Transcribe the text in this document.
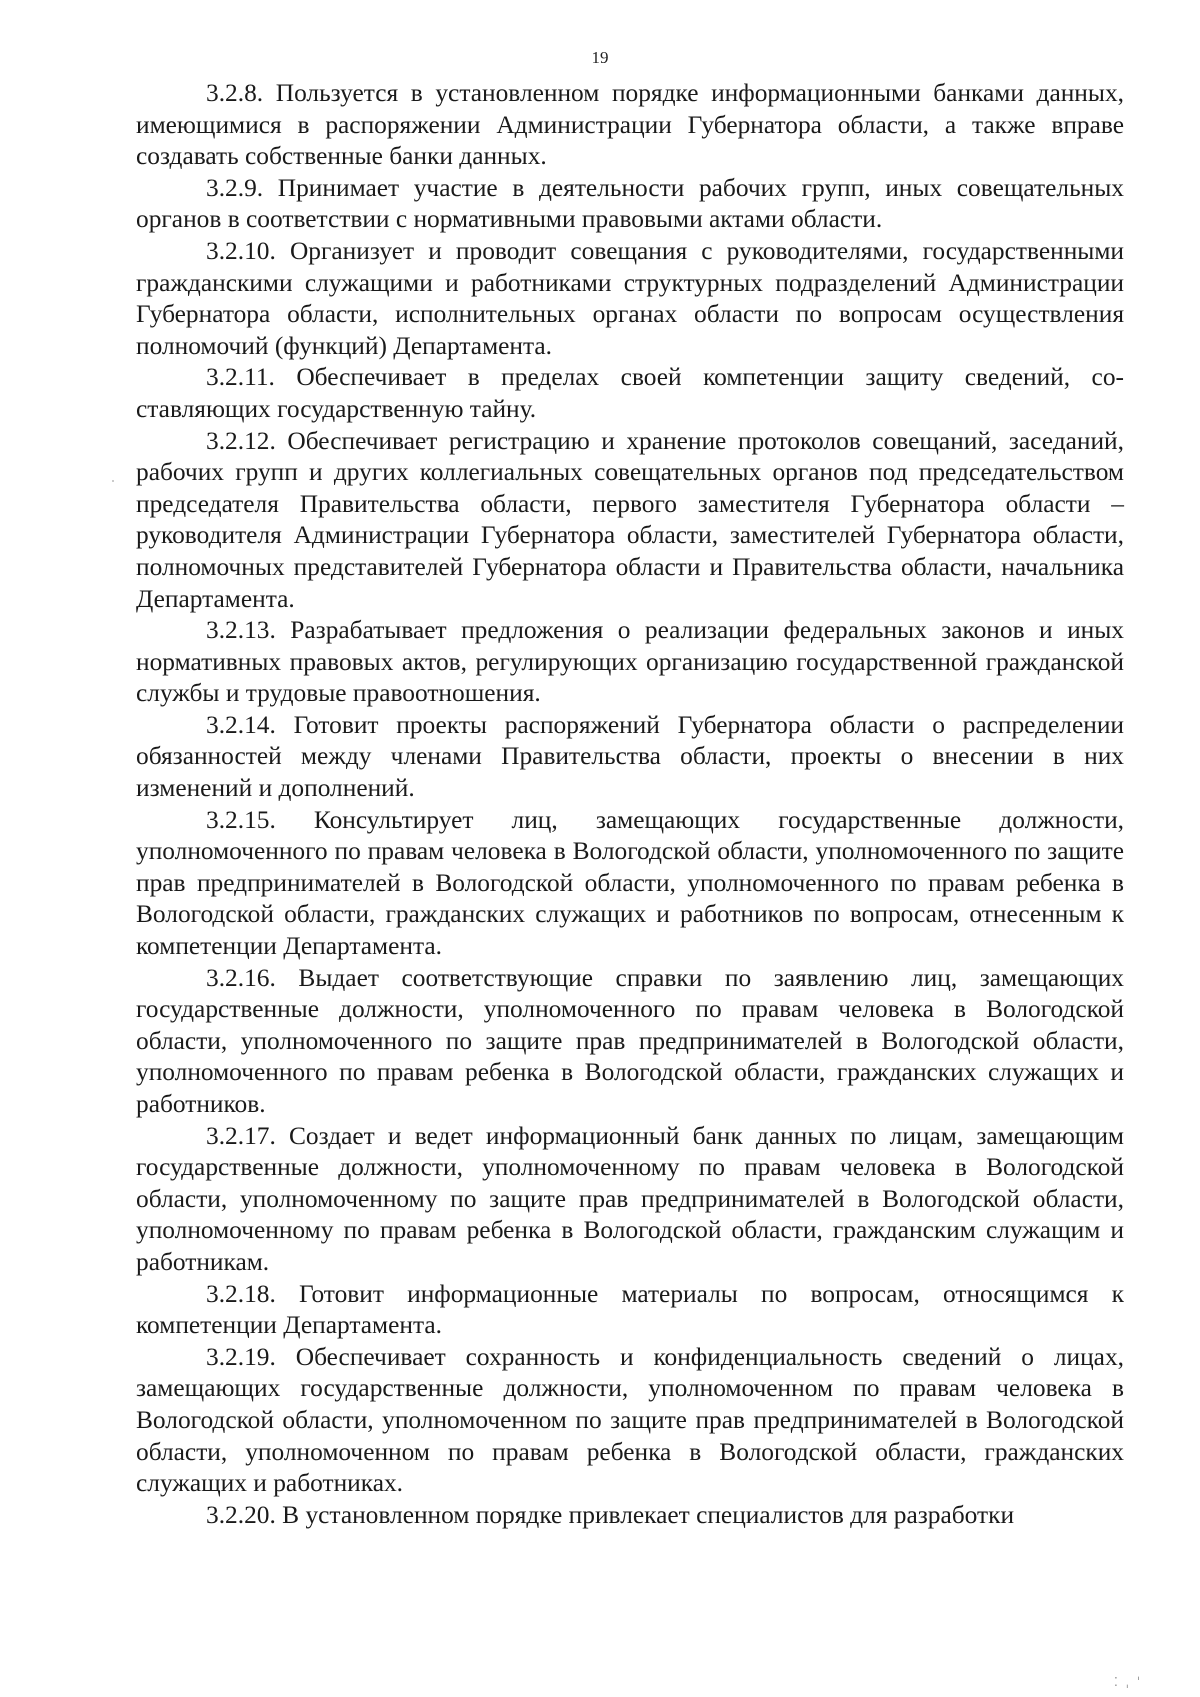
19

3.2.8. Пользуется в установленном порядке информационными банками данных, имеющимися в распоряжении Администрации Губернатора области, а также вправе создавать собственные банки данных.

3.2.9. Принимает участие в деятельности рабочих групп, иных совещательных органов в соответствии с нормативными правовыми актами области.

3.2.10. Организует и проводит совещания с руководителями, государственными гражданскими служащими и работниками структурных подразделений Администрации Губернатора области, исполнительных органах области по вопросам осуществления полномочий (функций) Департамента.

3.2.11. Обеспечивает в пределах своей компетенции защиту сведений, составляющих государственную тайну.

3.2.12. Обеспечивает регистрацию и хранение протоколов совещаний, заседаний, рабочих групп и других коллегиальных совещательных органов под председательством председателя Правительства области, первого заместителя Губернатора области – руководителя Администрации Губернатора области, заместителей Губернатора области, полномочных представителей Губернатора области и Правительства области, начальника Департамента.

3.2.13. Разрабатывает предложения о реализации федеральных законов и иных нормативных правовых актов, регулирующих организацию государственной гражданской службы и трудовые правоотношения.

3.2.14. Готовит проекты распоряжений Губернатора области о распределении обязанностей между членами Правительства области, проекты о внесении в них изменений и дополнений.

3.2.15. Консультирует лиц, замещающих государственные должности, уполномоченного по правам человека в Вологодской области, уполномоченного по защите прав предпринимателей в Вологодской области, уполномоченного по правам ребенка в Вологодской области, гражданских служащих и работников по вопросам, отнесенным к компетенции Департамента.

3.2.16. Выдает соответствующие справки по заявлению лиц, замещающих государственные должности, уполномоченного по правам человека в Вологодской области, уполномоченного по защите прав предпринимателей в Вологодской области, уполномоченного по правам ребенка в Вологодской области, гражданских служащих и работников.

3.2.17. Создает и ведет информационный банк данных по лицам, замещающим государственные должности, уполномоченному по правам человека в Вологодской области, уполномоченному по защите прав предпринимателей в Вологодской области, уполномоченному по правам ребенка в Вологодской области, гражданским служащим и работникам.

3.2.18. Готовит информационные материалы по вопросам, относящимся к компетенции Департамента.

3.2.19. Обеспечивает сохранность и конфиденциальность сведений о лицах, замещающих государственные должности, уполномоченном по правам человека в Вологодской области, уполномоченном по защите прав предпринимателей в Вологодской области, уполномоченном по правам ребенка в Вологодской области, гражданских служащих и работниках.

3.2.20. В установленном порядке привлекает специалистов для разработки

⁚ ˌ ˈ
